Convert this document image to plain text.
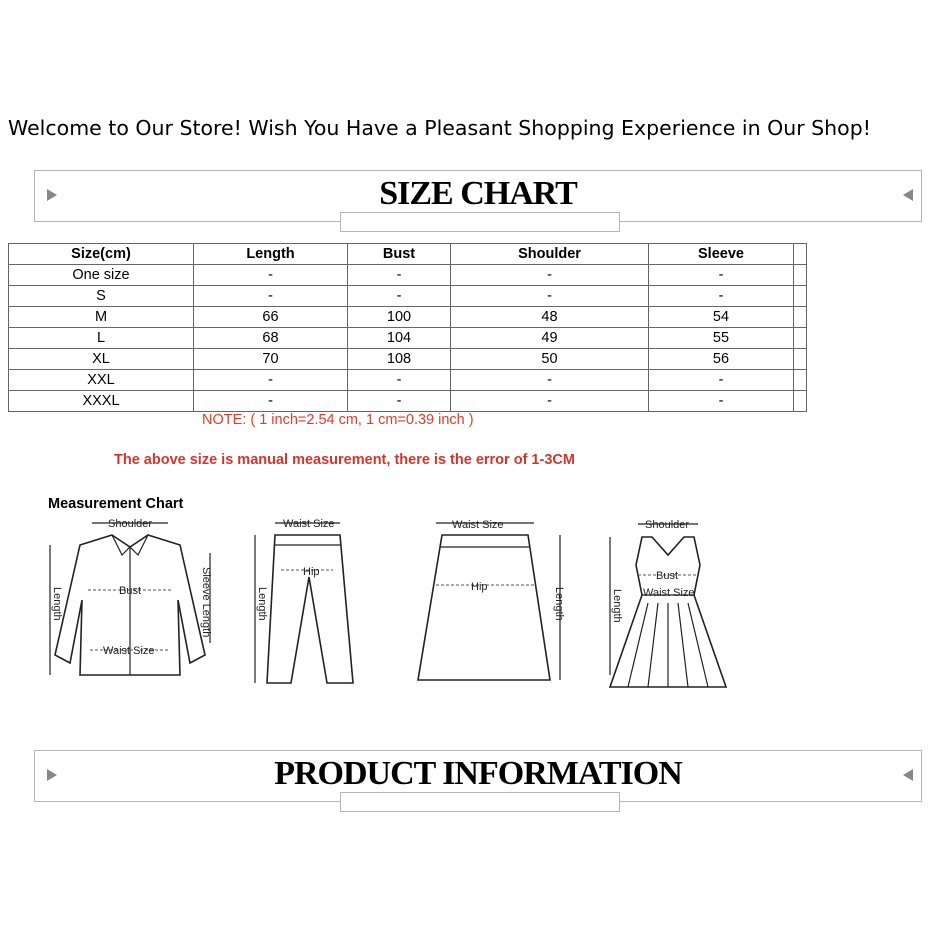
Welcome to Our Store! Wish You Have a Pleasant Shopping Experience in Our Shop!
SIZE CHART
Size(cm)	Length	Bust	Shoulder	Sleeve	
One size	-	-	-	-	
S	-	-	-	-	
M	66	100	48	54	
L	68	104	49	55	
XL	70	108	50	56	
XXL	-	-	-	-	
XXXL	-	-	-	-	
NOTE: ( 1 inch=2.54 cm, 1 cm=0.39 inch )
The above size is manual measurement, there is the error of 1-3CM
Measurement Chart
Shoulder
Bust
Waist Size
Length	Sleeve Length
Waist Size
Hip
Length
Waist Size
Hip	Length
Shoulder
Bust
Waist Size
Length
PRODUCT INFORMATION
